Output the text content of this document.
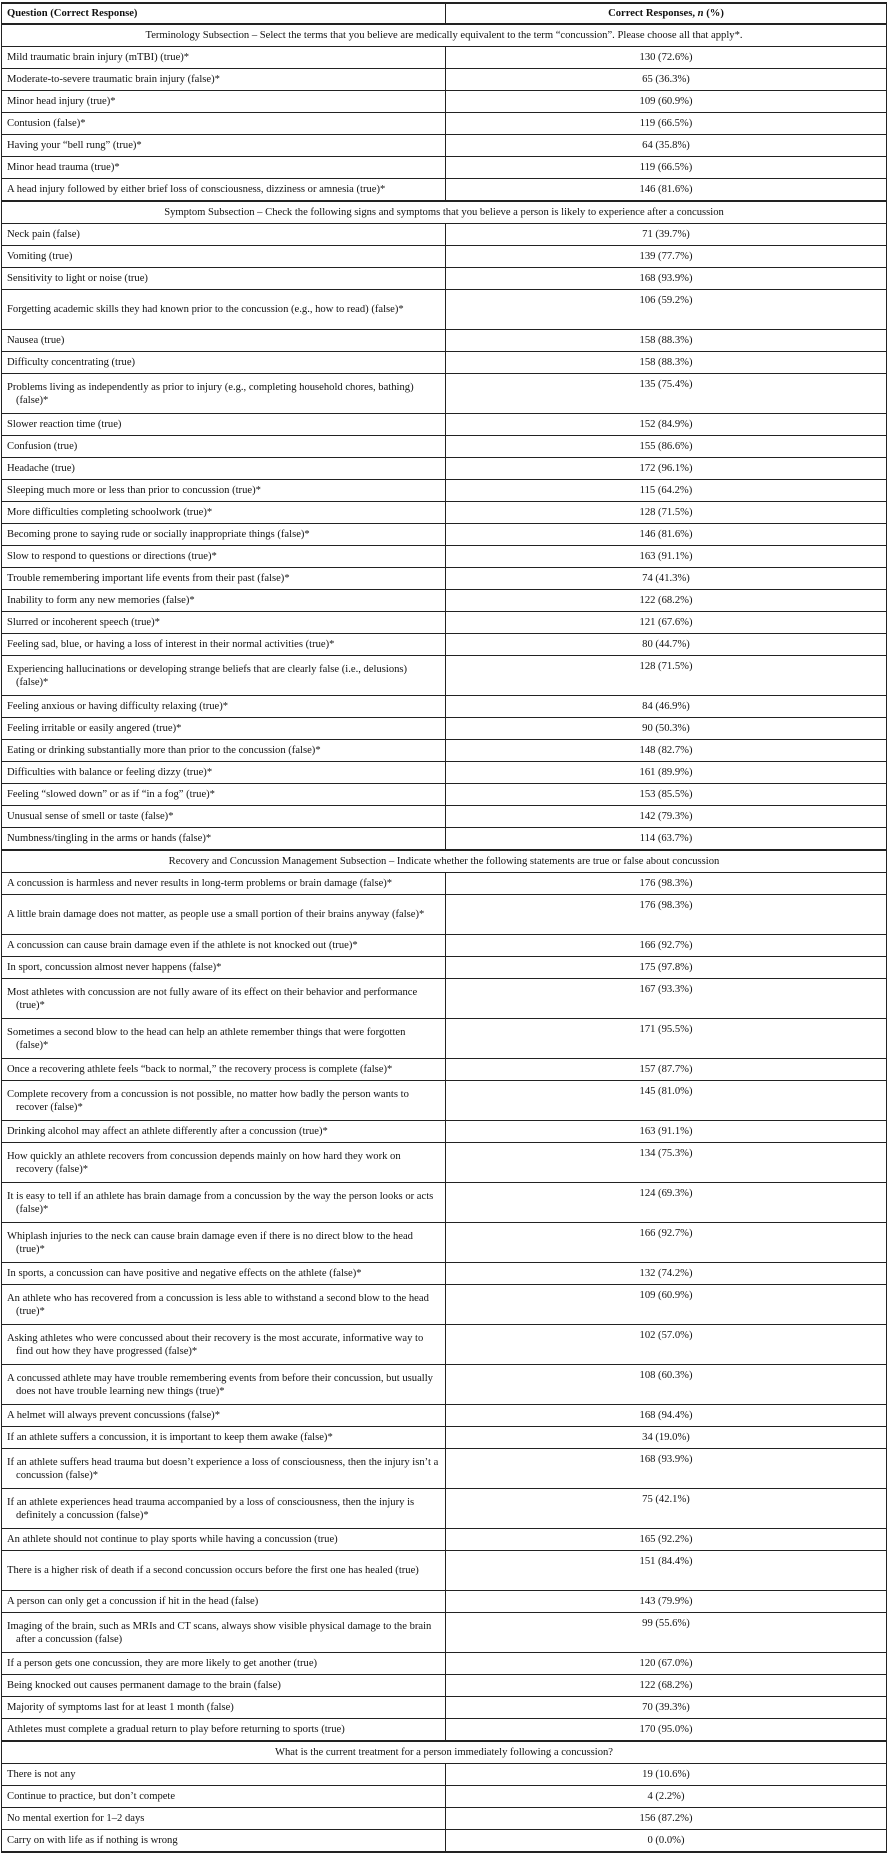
Question (Correct Response)	Correct Responses, n (%)
Terminology Subsection – Select the terms that you believe are medically equivalent to the term “concussion”. Please choose all that apply*.	
Mild traumatic brain injury (mTBI) (true)*	130 (72.6%)
Moderate-to-severe traumatic brain injury (false)*	65 (36.3%)
Minor head injury (true)*	109 (60.9%)
Contusion (false)*	119 (66.5%)
Having your “bell rung” (true)*	64 (35.8%)
Minor head trauma (true)*	119 (66.5%)
A head injury followed by either brief loss of consciousness, dizziness or amnesia (true)*	146 (81.6%)
Symptom Subsection – Check the following signs and symptoms that you believe a person is likely to experience after a concussion	
Neck pain (false)	71 (39.7%)
Vomiting (true)	139 (77.7%)
Sensitivity to light or noise (true)	168 (93.9%)
Forgetting academic skills they had known prior to the concussion (e.g., how to read) (false)*	106 (59.2%)
Nausea (true)	158 (88.3%)
Difficulty concentrating (true)	158 (88.3%)
Problems living as independently as prior to injury (e.g., completing household chores, bathing) (false)*	135 (75.4%)
Slower reaction time (true)	152 (84.9%)
Confusion (true)	155 (86.6%)
Headache (true)	172 (96.1%)
Sleeping much more or less than prior to concussion (true)*	115 (64.2%)
More difficulties completing schoolwork (true)*	128 (71.5%)
Becoming prone to saying rude or socially inappropriate things (false)*	146 (81.6%)
Slow to respond to questions or directions (true)*	163 (91.1%)
Trouble remembering important life events from their past (false)*	74 (41.3%)
Inability to form any new memories (false)*	122 (68.2%)
Slurred or incoherent speech (true)*	121 (67.6%)
Feeling sad, blue, or having a loss of interest in their normal activities (true)*	80 (44.7%)
Experiencing hallucinations or developing strange beliefs that are clearly false (i.e., delusions) (false)*	128 (71.5%)
Feeling anxious or having difficulty relaxing (true)*	84 (46.9%)
Feeling irritable or easily angered (true)*	90 (50.3%)
Eating or drinking substantially more than prior to the concussion (false)*	148 (82.7%)
Difficulties with balance or feeling dizzy (true)*	161 (89.9%)
Feeling “slowed down” or as if “in a fog” (true)*	153 (85.5%)
Unusual sense of smell or taste (false)*	142 (79.3%)
Numbness/tingling in the arms or hands (false)*	114 (63.7%)
Recovery and Concussion Management Subsection – Indicate whether the following statements are true or false about concussion	
A concussion is harmless and never results in long-term problems or brain damage (false)*	176 (98.3%)
A little brain damage does not matter, as people use a small portion of their brains anyway (false)*	176 (98.3%)
A concussion can cause brain damage even if the athlete is not knocked out (true)*	166 (92.7%)
In sport, concussion almost never happens (false)*	175 (97.8%)
Most athletes with concussion are not fully aware of its effect on their behavior and performance (true)*	167 (93.3%)
Sometimes a second blow to the head can help an athlete remember things that were forgotten (false)*	171 (95.5%)
Once a recovering athlete feels “back to normal,” the recovery process is complete (false)*	157 (87.7%)
Complete recovery from a concussion is not possible, no matter how badly the person wants to recover (false)*	145 (81.0%)
Drinking alcohol may affect an athlete differently after a concussion (true)*	163 (91.1%)
How quickly an athlete recovers from concussion depends mainly on how hard they work on recovery (false)*	134 (75.3%)
It is easy to tell if an athlete has brain damage from a concussion by the way the person looks or acts (false)*	124 (69.3%)
Whiplash injuries to the neck can cause brain damage even if there is no direct blow to the head (true)*	166 (92.7%)
In sports, a concussion can have positive and negative effects on the athlete (false)*	132 (74.2%)
An athlete who has recovered from a concussion is less able to withstand a second blow to the head (true)*	109 (60.9%)
Asking athletes who were concussed about their recovery is the most accurate, informative way to find out how they have progressed (false)*	102 (57.0%)
A concussed athlete may have trouble remembering events from before their concussion, but usually does not have trouble learning new things (true)*	108 (60.3%)
A helmet will always prevent concussions (false)*	168 (94.4%)
If an athlete suffers a concussion, it is important to keep them awake (false)*	34 (19.0%)
If an athlete suffers head trauma but doesn’t experience a loss of consciousness, then the injury isn’t a concussion (false)*	168 (93.9%)
If an athlete experiences head trauma accompanied by a loss of consciousness, then the injury is definitely a concussion (false)*	75 (42.1%)
An athlete should not continue to play sports while having a concussion (true)	165 (92.2%)
There is a higher risk of death if a second concussion occurs before the first one has healed (true)	151 (84.4%)
A person can only get a concussion if hit in the head (false)	143 (79.9%)
Imaging of the brain, such as MRIs and CT scans, always show visible physical damage to the brain after a concussion (false)	99 (55.6%)
If a person gets one concussion, they are more likely to get another (true)	120 (67.0%)
Being knocked out causes permanent damage to the brain (false)	122 (68.2%)
Majority of symptoms last for at least 1 month (false)	70 (39.3%)
Athletes must complete a gradual return to play before returning to sports (true)	170 (95.0%)
What is the current treatment for a person immediately following a concussion?	
There is not any	19 (10.6%)
Continue to practice, but don’t compete	4 (2.2%)
No mental exertion for 1–2 days	156 (87.2%)
Carry on with life as if nothing is wrong	0 (0.0%)
